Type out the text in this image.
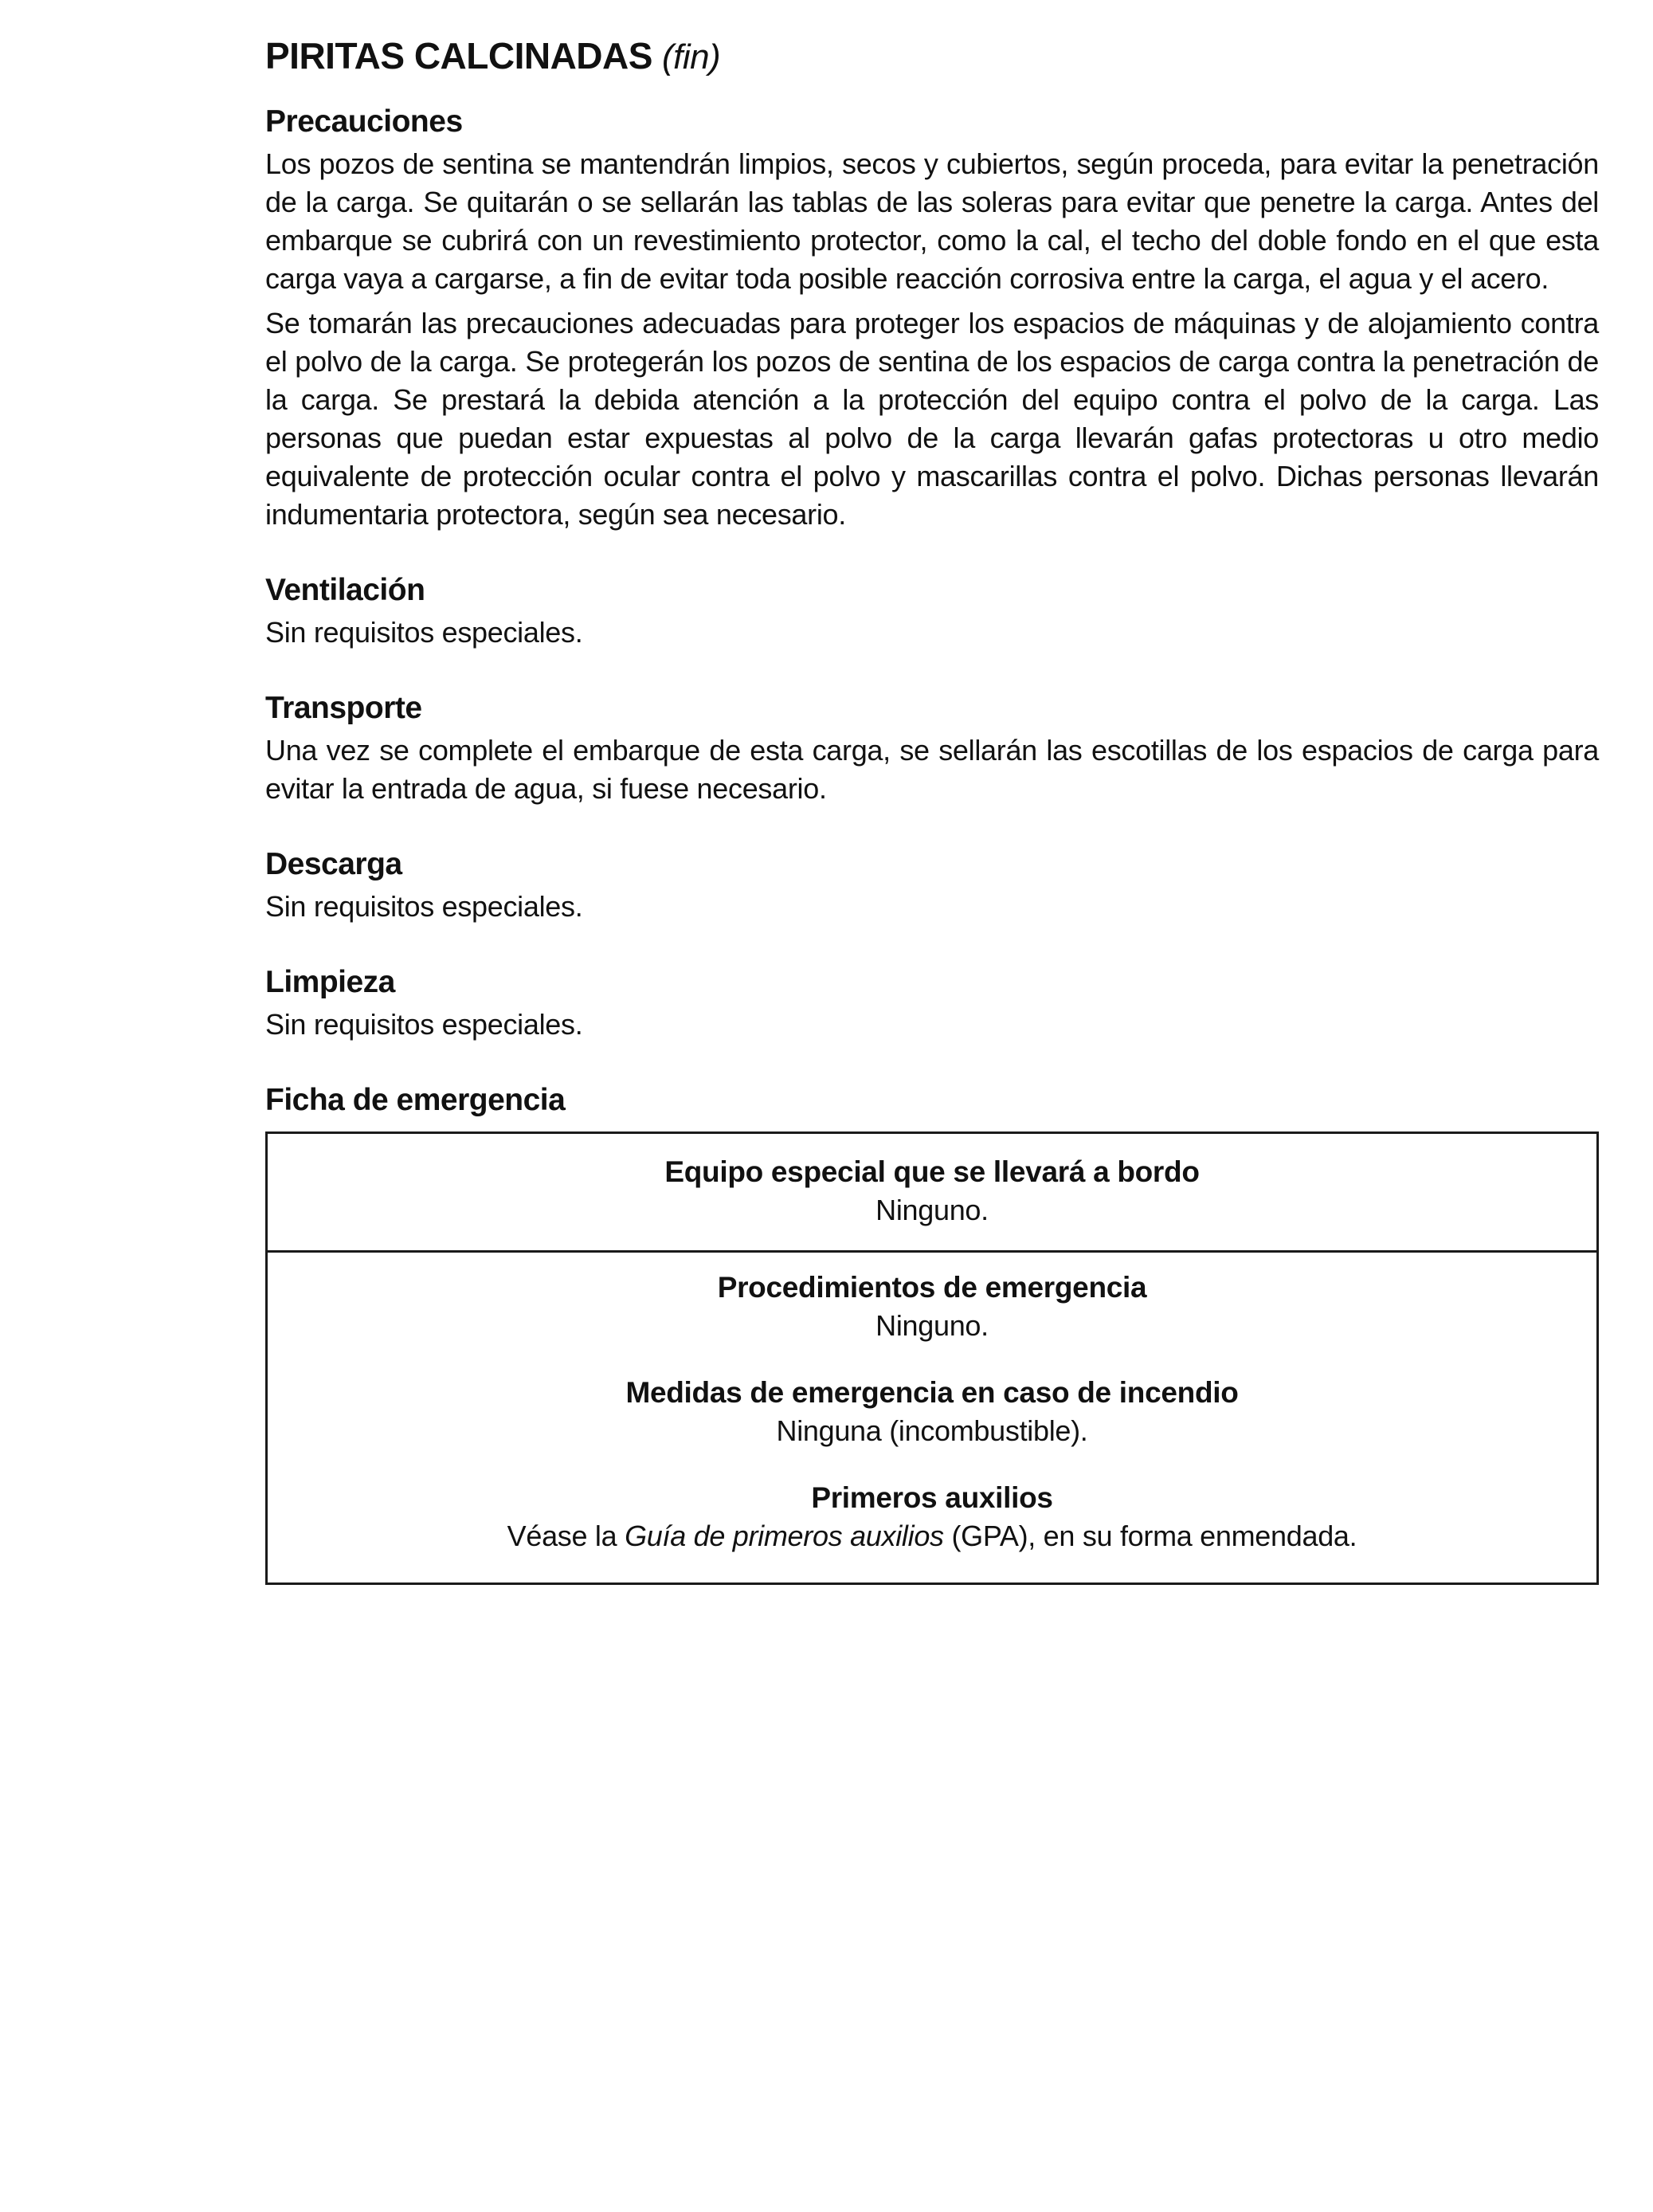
PIRITAS CALCINADAS (fin)
Precauciones

Los pozos de sentina se mantendrán limpios, secos y cubiertos, según proceda, para evitar la penetración de la carga. Se quitarán o se sellarán las tablas de las soleras para evitar que penetre la carga. Antes del embarque se cubrirá con un revestimiento protector, como la cal, el techo del doble fondo en el que esta carga vaya a cargarse, a fin de evitar toda posible reacción corrosiva entre la carga, el agua y el acero.

Se tomarán las precauciones adecuadas para proteger los espacios de máquinas y de alojamiento contra el polvo de la carga. Se protegerán los pozos de sentina de los espacios de carga contra la penetración de la carga. Se prestará la debida atención a la protección del equipo contra el polvo de la carga. Las personas que puedan estar expuestas al polvo de la carga llevarán gafas protectoras u otro medio equivalente de protección ocular contra el polvo y mascarillas contra el polvo. Dichas personas llevarán indumentaria protectora, según sea necesario.

Ventilación

Sin requisitos especiales.

Transporte

Una vez se complete el embarque de esta carga, se sellarán las escotillas de los espacios de carga para evitar la entrada de agua, si fuese necesario.

Descarga

Sin requisitos especiales.

Limpieza

Sin requisitos especiales.

Ficha de emergencia
Equipo especial que se llevará a bordo
Ninguno.
Procedimientos de emergencia
Ninguno.
Medidas de emergencia en caso de incendio
Ninguna (incombustible).
Primeros auxilios
Véase la Guía de primeros auxilios (GPA), en su forma enmendada.
